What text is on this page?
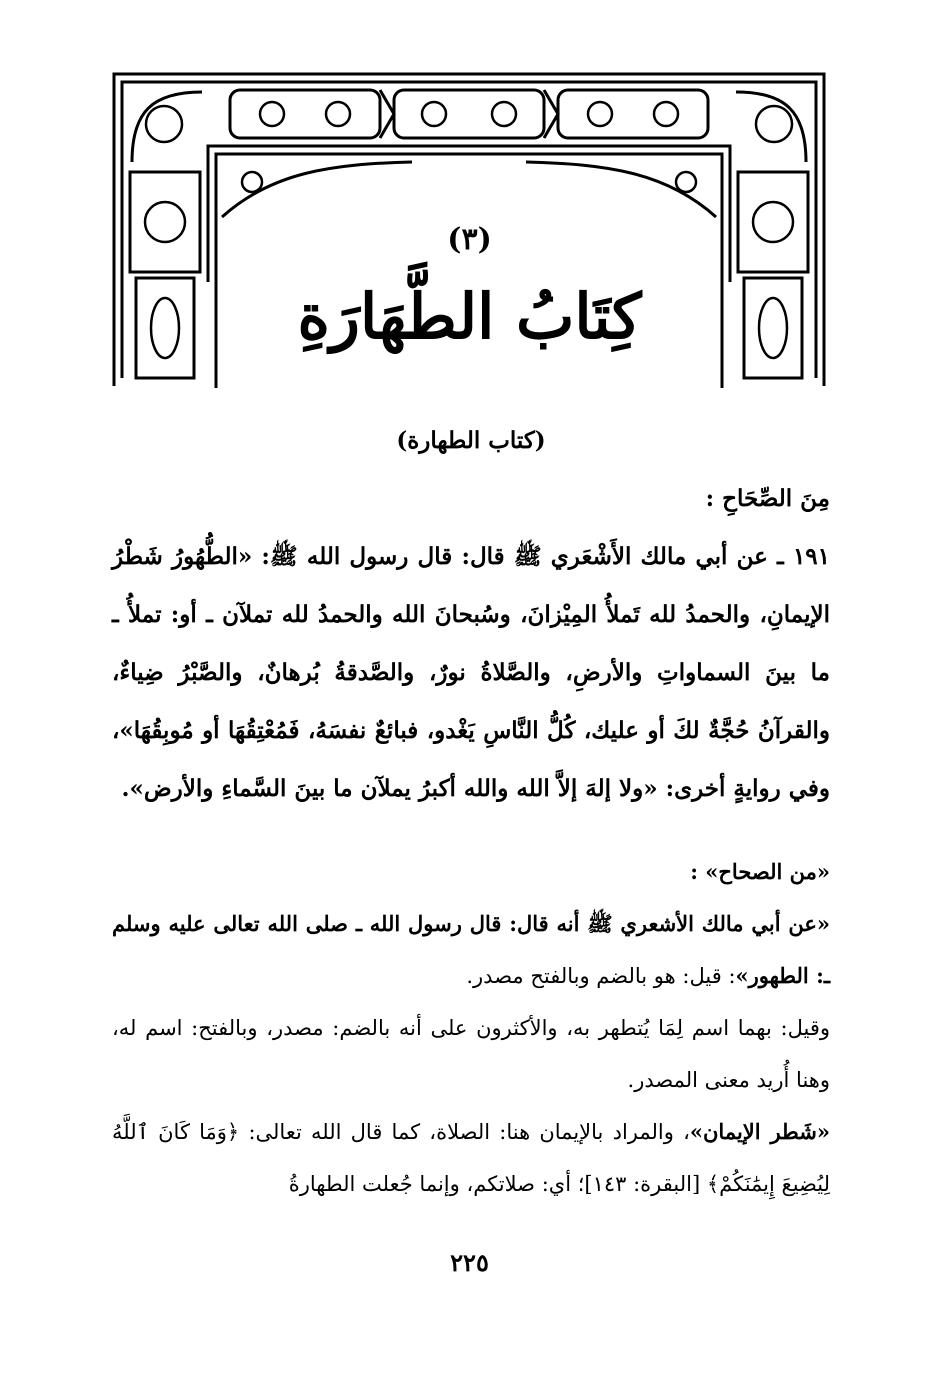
(٣)
كِتَابُ الطَّهَارَةِ

(كتاب الطهارة)

مِنَ الصِّحَاحِ :

١٩١ ـ عن أبي مالك الأَشْعَري ﷺ قال: قال رسول الله ﷺ: «الطُّهُورُ شَطْرُ الإيمانِ، والحمدُ لله تَملأُ المِيْزانَ، وسُبحانَ الله والحمدُ لله تملآن ـ أو: تملأُ ـ ما بينَ السماواتِ والأرضِ، والصَّلاةُ نورٌ، والصَّدقةُ بُرهانٌ، والصَّبْرُ ضِياءٌ، والقرآنُ حُجَّةٌ لكَ أو عليك، كُلُّ النَّاسِ يَغْدو، فبائعٌ نفسَهُ، فَمُعْتِقُهَا أو مُوبِقُهَا»، وفي روايةٍ أخرى: «ولا إلهَ إلاَّ الله والله أكبرُ يملآن ما بينَ السَّماءِ والأرض».

«من الصحاح» :

«عن أبي مالك الأشعري ﷺ أنه قال: قال رسول الله ـ صلى الله تعالى عليه وسلم ـ: الطهور»: قيل: هو بالضم وبالفتح مصدر.

وقيل: بهما اسم لِمَا يُتطهر به، والأكثرون على أنه بالضم: مصدر، وبالفتح: اسم له، وهنا أُريد معنى المصدر.

«شَطر الإيمان»، والمراد بالإيمان هنا: الصلاة، كما قال الله تعالى: ﴿وَمَا كَانَ ٱللَّهُ لِيُضِيعَ إِيمَٰنَكُمْ﴾ [البقرة: ١٤٣]؛ أي: صلاتكم، وإنما جُعلت الطهارةُ

٢٢٥
